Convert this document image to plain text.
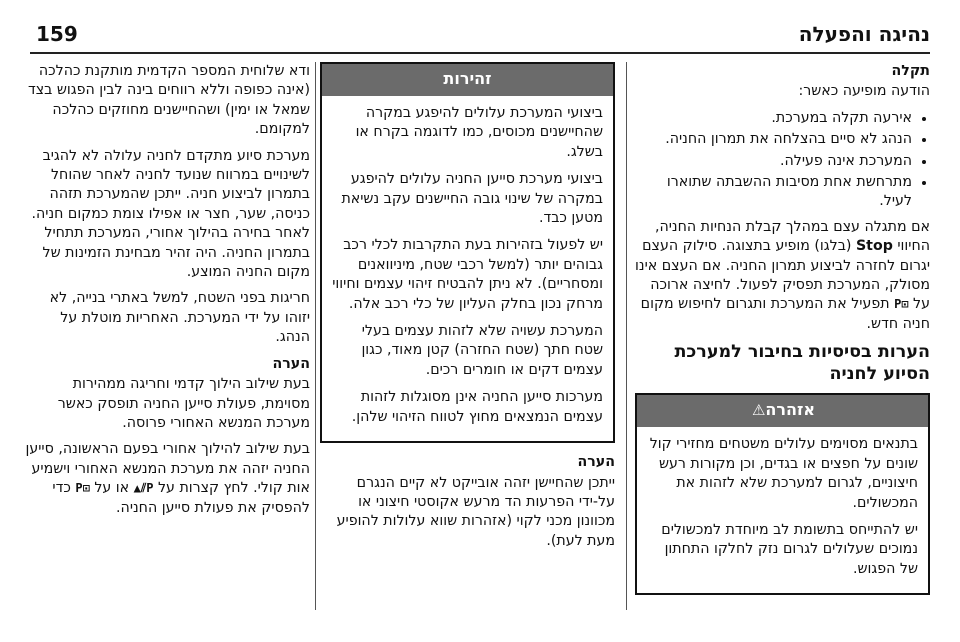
159	נהיגה והפעלה
תקלה

הודעה מופיעה כאשר:

• אירעה תקלה במערכת.
• הנהג לא סיים בהצלחה את תמרון החניה.
• המערכת אינה פעילה.
• מתרחשת אחת מסיבות ההשבתה שתוארו לעיל.

אם מתגלה עצם במהלך קבלת הנחיות החניה, החיווי Stop (בלגו) מופיע בתצוגה. סילוק העצם יגרום לחזרה לביצוע תמרון החניה. אם העצם אינו מסולק, המערכת תפסיק לפעול. לחיצה ארוכה על ⊡P תפעיל את המערכת ותגרום לחיפוש מקום חניה חדש.

הערות בסיסיות בחיבור למערכת הסיוע לחניה
אזהרה⚠

בתנאים מסוימים עלולים משטחים מחזירי קול שונים על חפצים או בגדים, וכן מקורות רעש חיצוניים, לגרום למערכת שלא לזהות את המכשולים.

יש להתייחס בתשומת לב מיוחדת למכשולים נמוכים שעלולים לגרום נזק לחלקו התחתון של הפגוש.

זהירות

ביצועי המערכת עלולים להיפגע במקרה שהחיישנים מכוסים, כמו לדוגמה בקרח או בשלג.

ביצועי מערכת סייען החניה עלולים להיפגע במקרה של שינוי גובה החיישנים עקב נשיאת מטען כבד.

יש לפעול בזהירות בעת התקרבות לכלי רכב גבוהים יותר (למשל רכבי שטח, מיניוואנים ומסחריים). לא ניתן להבטיח זיהוי עצמים וחיווי מרחק נכון בחלק העליון של כלי רכב אלה.

המערכת עשויה שלא לזהות עצמים בעלי שטח חתך (שטח החזרה) קטן מאוד, כגון עצמים דקים או חומרים רכים.

מערכות סייען החניה אינן מסוגלות לזהות עצמים הנמצאים מחוץ לטווח הזיהוי שלהן.

הערה

ייתכן שהחיישן יזהה אובייקט לא קיים הנגרם על-ידי הפרעות הד מרעש אקוסטי חיצוני או מכוונון מכני לקוי (אזהרות שווא עלולות להופיע מעת לעת).

ודא שלוחית המספר הקדמית מותקנת כהלכה (אינה כפופה וללא רווחים בינה לבין הפגוש בצד שמאל או ימין) ושהחיישנים מחוזקים כהלכה למקומם.

מערכת סיוע מתקדם לחניה עלולה לא להגיב לשינויים במרווח שנועד לחניה לאחר שהוחל בתמרון לביצוע חניה. ייתכן שהמערכת תזהה כניסה, שער, חצר או אפילו צומת כמקום חניה. לאחר בחירה בהילוך אחורי, המערכת תתחיל בתמרון החניה. היה זהיר מבחינת הזמינות של מקום החניה המוצע.

חריגות בפני השטח, למשל באתרי בנייה, לא יזוהו על ידי המערכת. האחריות מוטלת על הנהג.

הערה

בעת שילוב הילוך קדמי וחריגה ממהירות מסוימת, פעולת סייען החניה תופסק כאשר מערכת המנשא האחורי פרוסה.

בעת שילוב להילוך אחורי בפעם הראשונה, סייען החניה יזהה את מערכת המנשא האחורי וישמיע אות קולי. לחץ קצרות על P⫽▲ או על ⊡P כדי להפסיק את פעולת סייען החניה.
